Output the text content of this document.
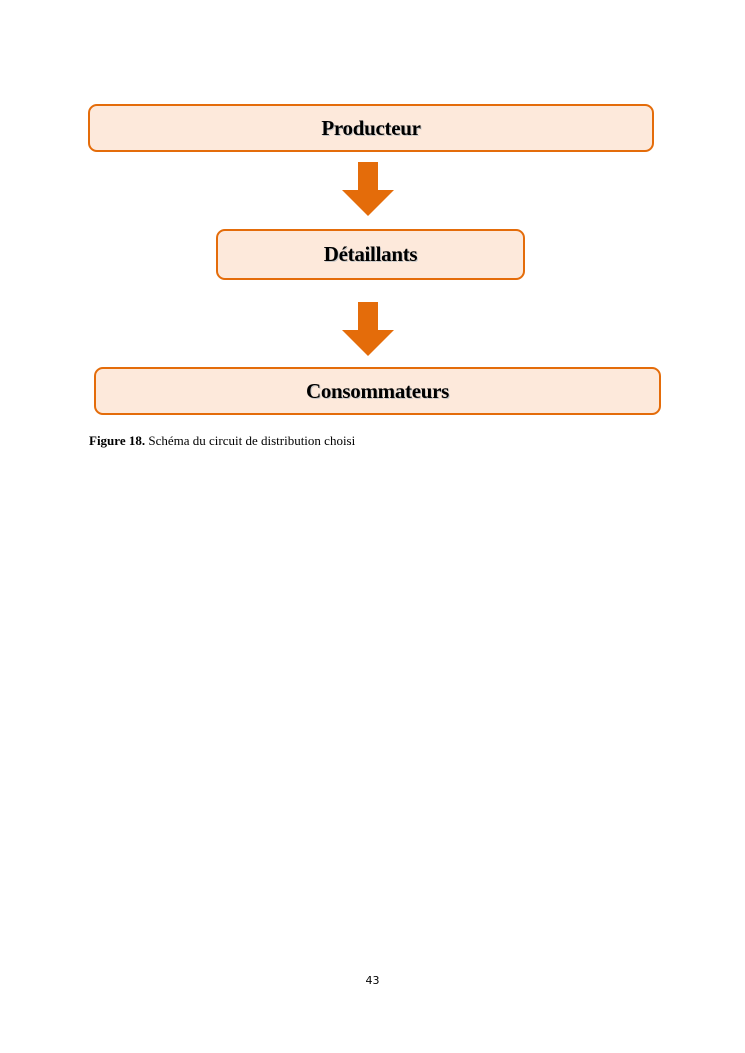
Producteur
Détaillants
Consommateurs
Figure 18. Schéma du circuit de distribution choisi
43
